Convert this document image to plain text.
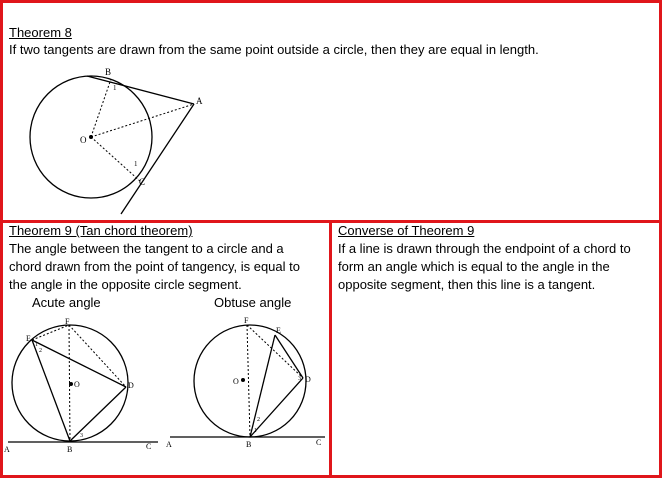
Theorem 8
If two tangents are drawn from the same point outside a circle, then they are equal in length.
B
A
O
C
1
1
Theorem 9 (Tan chord theorem)
The angle between the tangent to a circle and a
chord drawn from the point of tangency, is equal to
the angle in the opposite circle segment.
Acute angle	Obtuse angle
E
F
O	D
B
A	C
1
2
3
F
E
O	D
B
A	C
1
2
3
Converse of Theorem 9
If a line is drawn through the endpoint of a chord to
form an angle which is equal to the angle in the
opposite segment, then this line is a tangent.
